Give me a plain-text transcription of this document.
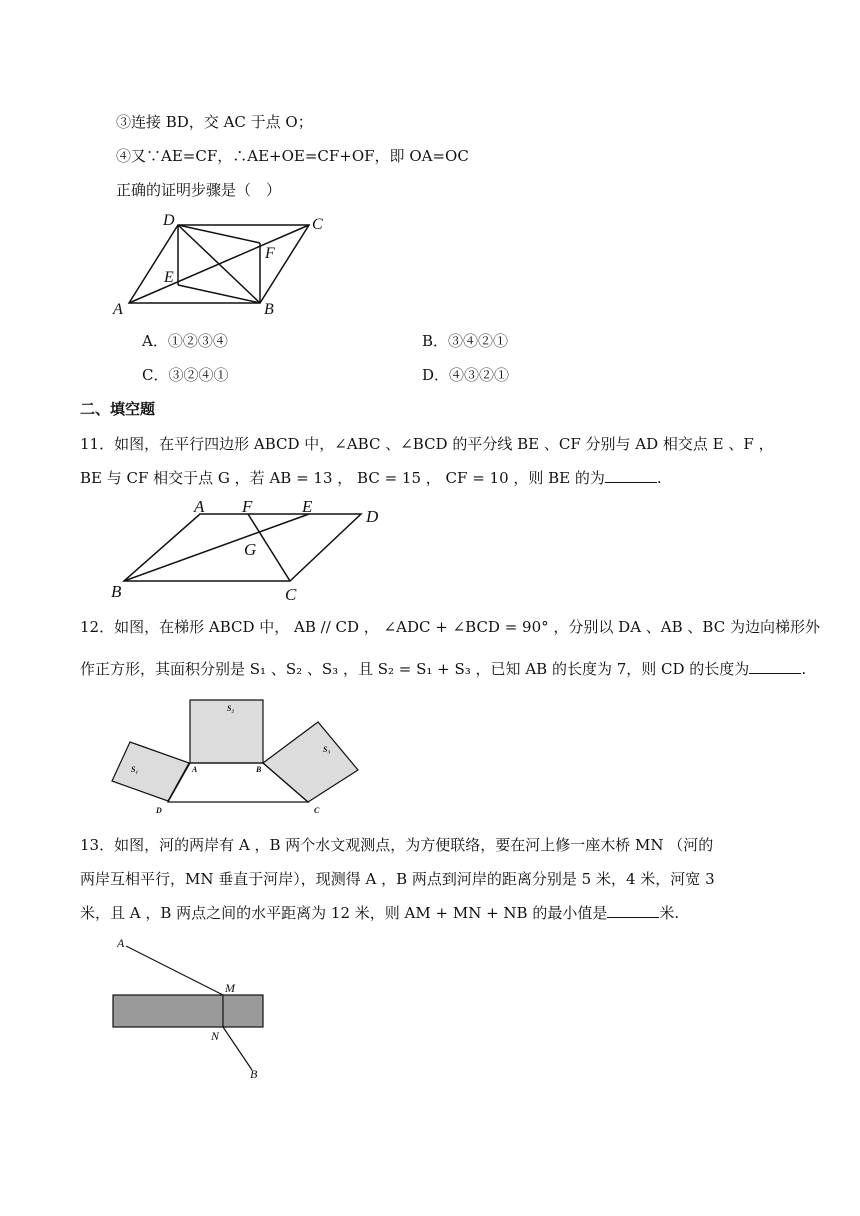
③连接 BD，交 AC 于点 O；
④又∵AE=CF，∴AE+OE=CF+OF，即 OA=OC
正确的证明步骤是（　）
A	B
C
D
E
F
A．①②③④	B．③④②①
C．③②④①	D．④③②①
二、填空题
11．如图，在平行四边形 ABCD 中，∠ABC 、∠BCD 的平分线 BE 、CF 分别与 AD 相交点 E 、F ，
BE 与 CF 相交于点 G ，若 AB = 13 ， BC = 15 ， CF = 10 ，则 BE 的为	.
A F	E
D
G
B	C
12．如图，在梯形 ABCD 中， AB // CD ， ∠ADC + ∠BCD = 90° ，分别以 DA 、AB 、BC 为边向梯形外
作正方形，其面积分别是 S₁ 、S₂ 、S₃ ，且 S₂ = S₁ + S₃ ，已知 AB 的长度为 7，则 CD 的长度为	.
S₂
S₁
S₃
A	B
D	C
13．如图，河的两岸有 A ，B 两个水文观测点，为方便联络，要在河上修一座木桥 MN （河的
两岸互相平行，MN 垂直于河岸），现测得 A ，B 两点到河岸的距离分别是 5 米，4 米，河宽 3
米，且 A ，B 两点之间的水平距离为 12 米，则 AM + MN + NB 的最小值是	米.
A
M
N
B
